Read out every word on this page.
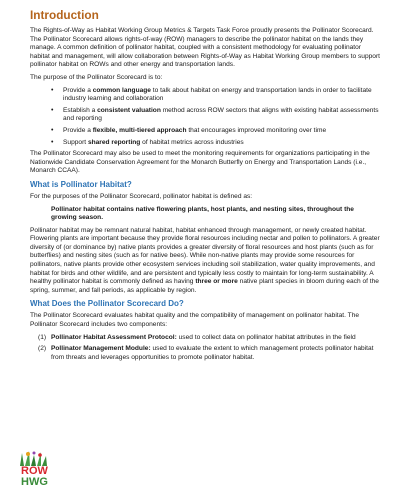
Introduction

The Rights-of-Way as Habitat Working Group Metrics & Targets Task Force proudly presents the Pollinator Scorecard. The Pollinator Scorecard allows rights-of-way (ROW) managers to describe the pollinator habitat on the lands they manage. A common definition of pollinator habitat, coupled with a consistent methodology for evaluating pollinator habitat and management, will allow collaboration between Rights-of-Way as Habitat Working Group members to support pollinator habitat on ROWs and other energy and transportation lands.

The purpose of the Pollinator Scorecard is to:

• Provide a common language to talk about habitat on energy and transportation lands in order to facilitate industry learning and collaboration
• Establish a consistent valuation method across ROW sectors that aligns with existing habitat assessments and reporting
• Provide a flexible, multi-tiered approach that encourages improved monitoring over time
• Support shared reporting of habitat metrics across industries

The Pollinator Scorecard may also be used to meet the monitoring requirements for organizations participating in the Nationwide Candidate Conservation Agreement for the Monarch Butterfly on Energy and Transportation Lands (i.e., Monarch CCAA).

What is Pollinator Habitat?

For the purposes of the Pollinator Scorecard, pollinator habitat is defined as:

Pollinator habitat contains native flowering plants, host plants, and nesting sites, throughout the growing season.

Pollinator habitat may be remnant natural habitat, habitat enhanced through management, or newly created habitat. Flowering plants are important because they provide floral resources including nectar and pollen to pollinators. A greater diversity of (or dominance by) native plants provides a greater diversity of floral resources and host plants (such as for butterflies) and nesting sites (such as for native bees). While non-native plants may provide some resources for pollinators, native plants provide other ecosystem services including soil stabilization, water quality improvements, and habitat for birds and other wildlife, and are persistent and typically less costly to maintain for long-term sustainability. A healthy pollinator habitat is commonly defined as having three or more native plant species in bloom during each of the spring, summer, and fall periods, as applicable by region.

What Does the Pollinator Scorecard Do?

The Pollinator Scorecard evaluates habitat quality and the compatibility of management on pollinator habitat. The Pollinator Scorecard includes two components:

(1) Pollinator Habitat Assessment Protocol: used to collect data on pollinator habitat attributes in the field
(2) Pollinator Management Module: used to evaluate the extent to which management protects pollinator habitat from threats and leverages opportunities to promote pollinator habitat.
ROW
HWG
